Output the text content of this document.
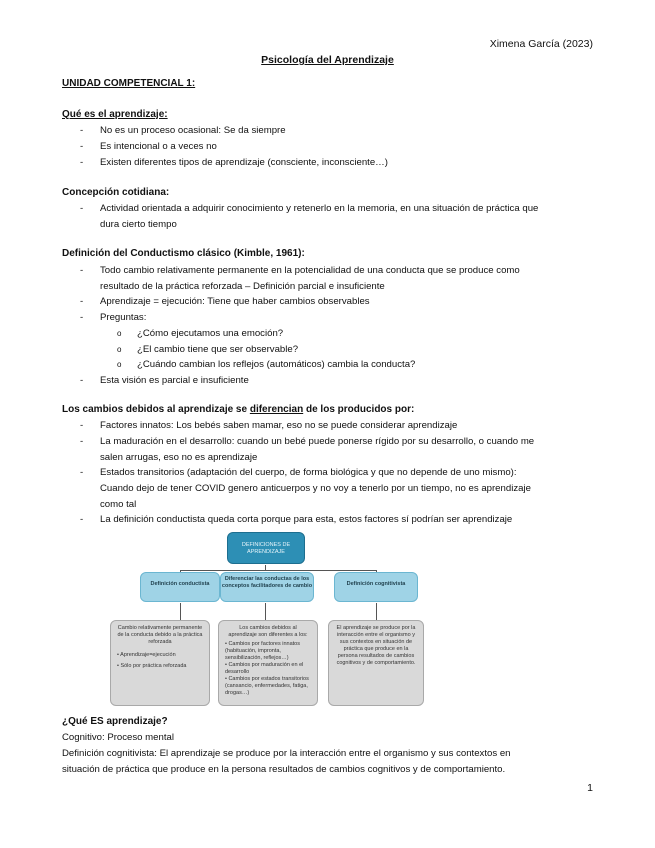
Ximena García (2023)
Psicología del Aprendizaje
UNIDAD COMPETENCIAL 1:
Qué es el aprendizaje:
- No es un proceso ocasional: Se da siempre
- Es intencional o a veces no
- Existen diferentes tipos de aprendizaje (consciente, inconsciente…)
Concepción cotidiana:
- Actividad orientada a adquirir conocimiento y retenerlo en la memoria, en una situación de práctica que
dura cierto tiempo
Definición del Conductismo clásico (Kimble, 1961):
- Todo cambio relativamente permanente en la potencialidad de una conducta que se produce como
resultado de la práctica reforzada – Definición parcial e insuficiente
- Aprendizaje = ejecución: Tiene que haber cambios observables
- Preguntas:
o ¿Cómo ejecutamos una emoción?
o ¿El cambio tiene que ser observable?
o ¿Cuándo cambian los reflejos (automáticos) cambia la conducta?
- Esta visión es parcial e insuficiente
Los cambios debidos al aprendizaje se diferencian de los producidos por:
- Factores innatos: Los bebés saben mamar, eso no se puede considerar aprendizaje
- La maduración en el desarrollo: cuando un bebé puede ponerse rígido por su desarrollo, o cuando me
salen arrugas, eso no es aprendizaje
- Estados transitorios (adaptación del cuerpo, de forma biológica y que no depende de uno mismo):
Cuando dejo de tener COVID genero anticuerpos y no voy a tenerlo por un tiempo, no es aprendizaje
como tal
- La definición conductista queda corta porque para esta, estos factores sí podrían ser aprendizaje
DEFINICIONES DE APRENDIZAJE
Definición conductista
Diferenciar las conductas de los conceptos facilitadores de cambio	Definición cognitivista
Cambio relativamente permanente de la conducta debido a la práctica reforzada
• Aprendizaje=ejecución
• Sólo por práctica reforzada
Los cambios debidos al aprendizaje son diferentes a los:
• Cambios por factores innatos (habituación, impronta, sensibilización, reflejos…)
• Cambios por maduración en el desarrollo
• Cambios por estados transitorios (cansancio, enfermedades, fatiga, drogas…)
El aprendizaje se produce por la interacción entre el organismo y sus contextos en situación de práctica que produce en la persona resultados de cambios cognitivos y de comportamiento.
¿Qué ES aprendizaje?
Cognitivo: Proceso mental
Definición cognitivista: El aprendizaje se produce por la interacción entre el organismo y sus contextos en
situación de práctica que produce en la persona resultados de cambios cognitivos y de comportamiento.
1
